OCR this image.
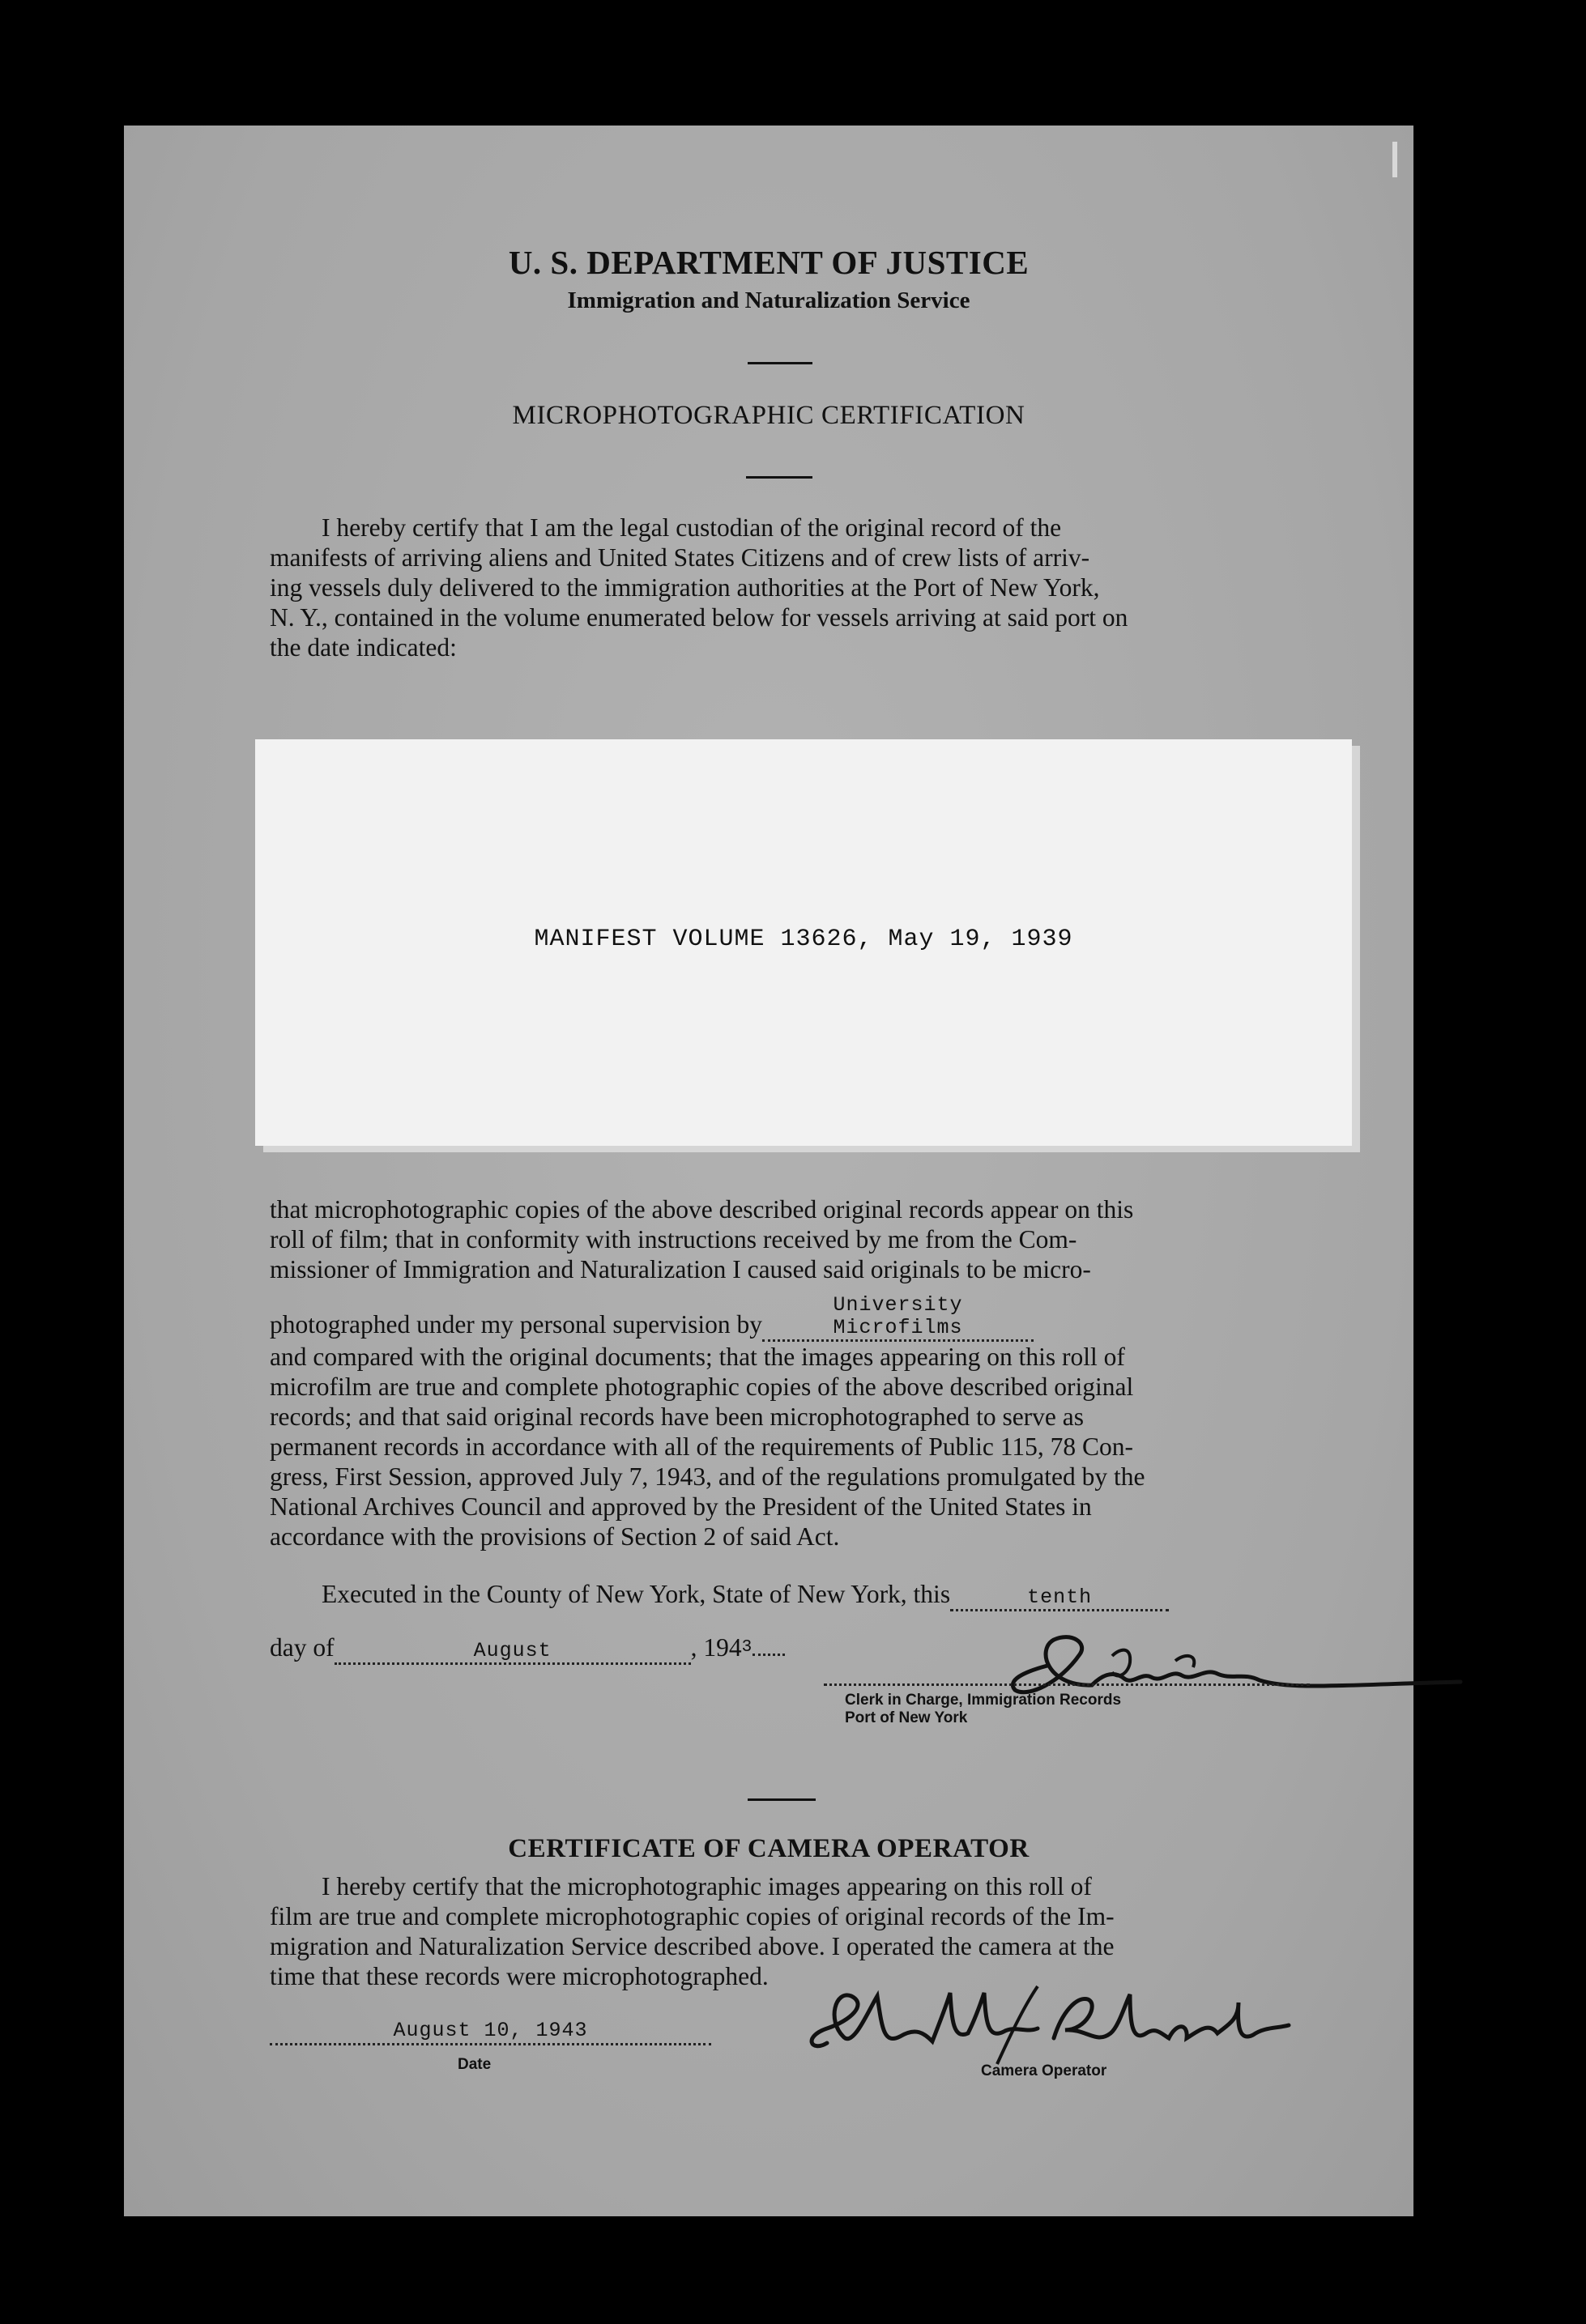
U. S. DEPARTMENT OF JUSTICE
Immigration and Naturalization Service
MICROPHOTOGRAPHIC CERTIFICATION
I hereby certify that I am the legal custodian of the original record of the
manifests of arriving aliens and United States Citizens and of crew lists of arriv-
ing vessels duly delivered to the immigration authorities at the Port of New York,
N. Y., contained in the volume enumerated below for vessels arriving at said port on
the date indicated:
MANIFEST VOLUME 13626, May 19, 1939
that microphotographic copies of the above described original records appear on this
roll of film; that in conformity with instructions received by me from the Com-
missioner of Immigration and Naturalization I caused said originals to be micro-
photographed under my personal supervision byUniversity Microfilms
and compared with the original documents; that the images appearing on this roll of
microfilm are true and complete photographic copies of the above described original
records; and that said original records have been microphotographed to serve as
permanent records in accordance with all of the requirements of Public 115, 78 Con-
gress, First Session, approved July 7, 1943, and of the regulations promulgated by the
National Archives Council and approved by the President of the United States in
accordance with the provisions of Section 2 of said Act.
Executed in the County of New York, State of New York, this	tenth
day of	August	, 1943
Clerk in Charge, Immigration Records
Port of New York
CERTIFICATE OF CAMERA OPERATOR
I hereby certify that the microphotographic images appearing on this roll of
film are true and complete microphotographic copies of original records of the Im-
migration and Naturalization Service described above. I operated the camera at the
time that these records were microphotographed.
August 10, 1943
Date	Camera Operator
